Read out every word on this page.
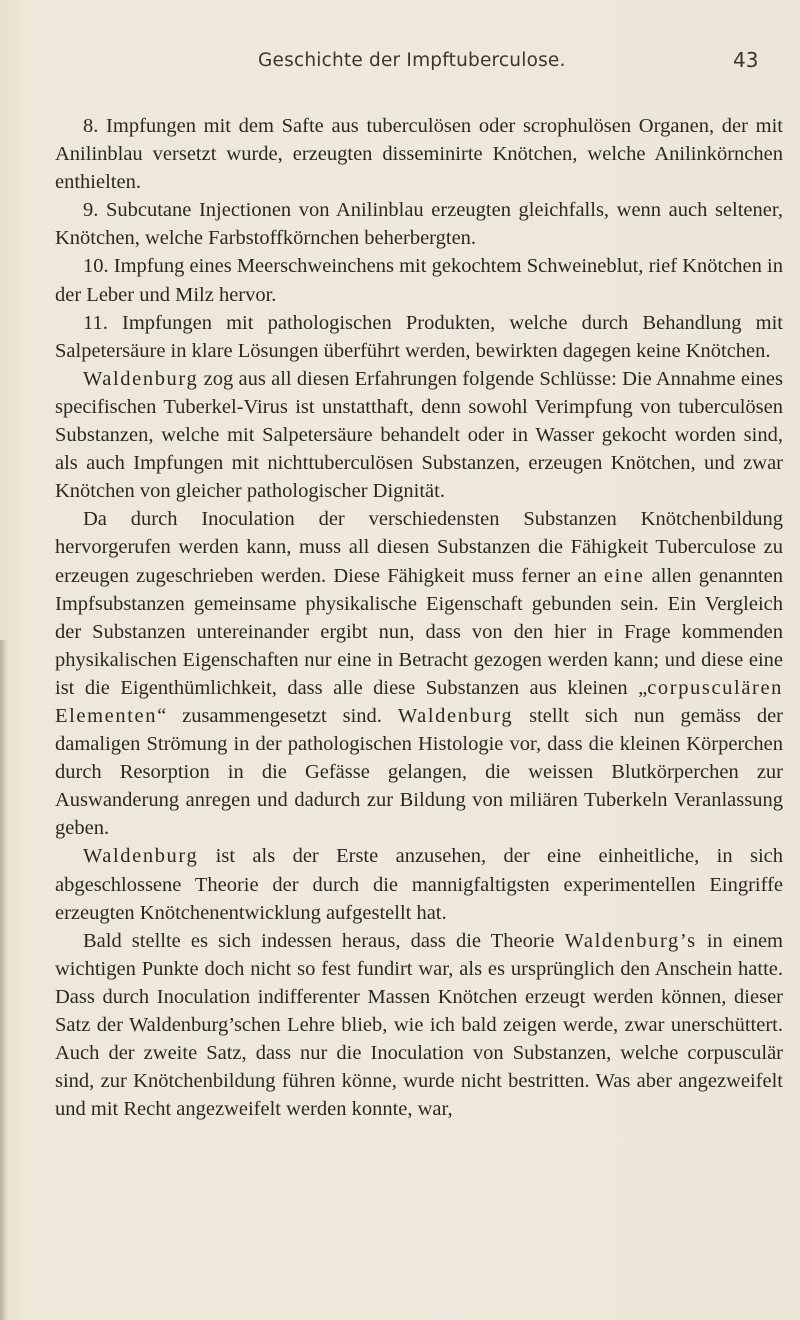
Geschichte der Impftuberculose.	43

8. Impfungen mit dem Safte aus tuberculösen oder scrophulösen Organen, der mit Anilinblau versetzt wurde, erzeugten disseminirte Knötchen, welche Anilinkörnchen enthielten.

9. Subcutane Injectionen von Anilinblau erzeugten gleichfalls, wenn auch seltener, Knötchen, welche Farbstoffkörnchen beherbergten.

10. Impfung eines Meerschweinchens mit gekochtem Schweineblut, rief Knötchen in der Leber und Milz hervor.

11. Impfungen mit pathologischen Produkten, welche durch Behandlung mit Salpetersäure in klare Lösungen überführt werden, bewirkten dagegen keine Knötchen.

Waldenburg zog aus all diesen Erfahrungen folgende Schlüsse: Die Annahme eines specifischen Tuberkel-Virus ist unstatthaft, denn sowohl Verimpfung von tuberculösen Substanzen, welche mit Salpetersäure behandelt oder in Wasser gekocht worden sind, als auch Impfungen mit nichttuberculösen Substanzen, erzeugen Knötchen, und zwar Knötchen von gleicher pathologischer Dignität.

Da durch Inoculation der verschiedensten Substanzen Knötchenbildung hervorgerufen werden kann, muss all diesen Substanzen die Fähigkeit Tuberculose zu erzeugen zugeschrieben werden. Diese Fähigkeit muss ferner an eine allen genannten Impfsubstanzen gemeinsame physikalische Eigenschaft gebunden sein. Ein Vergleich der Substanzen untereinander ergibt nun, dass von den hier in Frage kommenden physikalischen Eigenschaften nur eine in Betracht gezogen werden kann; und diese eine ist die Eigenthümlichkeit, dass alle diese Substanzen aus kleinen „corpusculären Elementen“ zusammengesetzt sind. Waldenburg stellt sich nun gemäss der damaligen Strömung in der pathologischen Histologie vor, dass die kleinen Körperchen durch Resorption in die Gefässe gelangen, die weissen Blutkörperchen zur Auswanderung anregen und dadurch zur Bildung von miliären Tuberkeln Veranlassung geben.

Waldenburg ist als der Erste anzusehen, der eine einheitliche, in sich abgeschlossene Theorie der durch die mannigfaltigsten experimentellen Eingriffe erzeugten Knötchenentwicklung aufgestellt hat.

Bald stellte es sich indessen heraus, dass die Theorie Waldenburg’s in einem wichtigen Punkte doch nicht so fest fundirt war, als es ursprünglich den Anschein hatte. Dass durch Inoculation indifferenter Massen Knötchen erzeugt werden können, dieser Satz der Waldenburg’schen Lehre blieb, wie ich bald zeigen werde, zwar unerschüttert. Auch der zweite Satz, dass nur die Inoculation von Substanzen, welche corpusculär sind, zur Knötchenbildung führen könne, wurde nicht bestritten. Was aber angezweifelt und mit Recht angezweifelt werden konnte, war,
